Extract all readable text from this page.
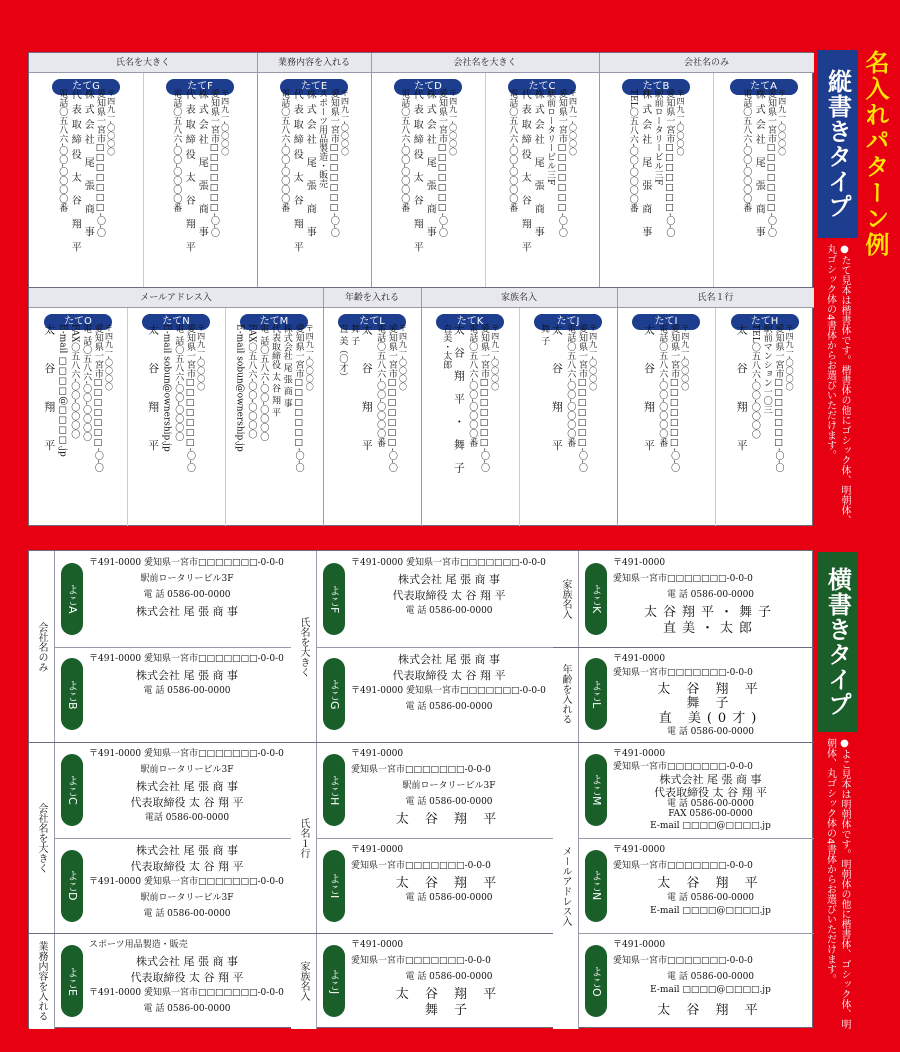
名入れパターン例
縦書きタイプ
●たて見本は楷書体です。楷書体の他にゴシック体、明朝体、丸ゴシック体の4書体からお選びいただけます。
横書きタイプ
●よこ見本は明朝体です。明朝体の他に楷書体、ゴシック体、明朝体、丸ゴシック体の4書体からお選びいただけます。
氏名を大きく	業務内容を入れる	会社名を大きく	会社名のみ
たてG
〒四九一-〇〇〇〇
愛知県一宮市□□□□□□□-〇-〇
株式会社 尾 張 商 事
代表取締役 太 谷 翔 平
電話〇五八六-〇〇-〇〇〇〇番
たてF
〒四九一-〇〇〇〇
愛知県一宮市□□□□□□□-〇-〇
株式会社 尾 張 商 事
代表取締役 太 谷 翔 平
電話〇五八六-〇〇-〇〇〇〇番
たてE
〒四九一-〇〇〇〇
愛知県一宮市□□□□□□□-〇-〇
スポーツ用品製造・販売
株式会社 尾 張 商 事
代表取締役 太 谷 翔 平
電話〇五八六-〇〇-〇〇〇〇番
たてD
〒四九一-〇〇〇〇
愛知県一宮市□□□□□□□-〇-〇
株式会社 尾 張 商 事
代表取締役 太 谷 翔 平
電話〇五八六-〇〇-〇〇〇〇番
たてC
〒四九一-〇〇〇〇
愛知県一宮市□□□□□□□-〇-〇
駅前ロータリービル三F
株式会社 尾 張 商 事
代表取締役 太 谷 翔 平
電話〇五八六-〇〇-〇〇〇〇番
たてB
〒四九一-〇〇〇〇
愛知県一宮市□□□□□□□-〇-〇
駅前ロータリービル三F
株式会社 尾 張 商 事
TEL〇五八六-〇〇-〇〇〇〇番
たてA
〒四九一-〇〇〇〇
愛知県一宮市□□□□□□□-〇-〇
株式会社 尾 張 商 事
電話〇五八六-〇〇-〇〇〇〇番
メールアドレス入	年齢を入れる	家族名入	氏名１行
たてO
〒四九一-〇〇〇〇
愛知県一宮市□□□□□□□-〇-〇
電 話〇五八六-〇〇-〇〇〇〇
FAX〇五八六-〇〇-〇〇〇〇
E-mail □□□□@□□□□.jp
太 谷 翔 平
たてN
〒四九一-〇〇〇〇
愛知県一宮市□□□□□□□-〇-〇
電 話〇五八六-〇〇-〇〇〇〇
E-mail sobun@ownership.jp
太 谷 翔 平
たてM
〒四九一-〇〇〇〇
愛知県一宮市□□□□□□□-〇-〇
株式会社 尾 張 商 事
代表取締役 太 谷 翔 平
電 話〇五八六-〇〇-〇〇〇〇
FAX〇五八六-〇〇-〇〇〇〇
E-mail sobun@ownership.jp
たてL
〒四九一-〇〇〇〇
愛知県一宮市□□□□□□□-〇-〇
電話〇五八六-〇〇-〇〇〇〇番
太 谷 翔 平
舞 子
直 美（〇才）
たてK
〒四九一-〇〇〇〇
愛知県一宮市□□□□□□□-〇-〇
電話〇五八六-〇〇-〇〇〇〇番
太谷翔平・舞子
直美・太郎
たてJ
〒四九一-〇〇〇〇
愛知県一宮市□□□□□□□-〇-〇
電話〇五八六-〇〇-〇〇〇〇番
太 谷 翔 平
舞 子
たてI
〒四九一-〇〇〇〇
愛知県一宮市□□□□□□□-〇-〇
電話〇五八六-〇〇-〇〇〇〇番
太 谷 翔 平
たてH
〒四九一-〇〇〇〇
愛知県一宮市□□□□□□□-〇-〇
駅前マンション一〇三
TEL〇五八六-〇〇-〇〇〇〇
太 谷 翔 平
会社名のみ
よこA
〒491-0000 愛知県一宮市□□□□□□□-0-0-0
駅前ロータリービル3F
電 話 0586-00-0000
株式会社 尾 張 商 事
よこB
〒491-0000 愛知県一宮市□□□□□□□-0-0-0
株式会社 尾 張 商 事
電 話 0586-00-0000
会社名を大きく
よこC
〒491-0000 愛知県一宮市□□□□□□□-0-0-0
駅前ロータリービル3F
株式会社 尾 張 商 事
代表取締役 太 谷 翔 平
電話 0586-00-0000
よこD
株式会社 尾 張 商 事
代表取締役 太 谷 翔 平
〒491-0000 愛知県一宮市□□□□□□□-0-0-0
駅前ロータリービル3F
電 話 0586-00-0000
業務内容を入れる	よこE
スポーツ用品製造・販売
株式会社 尾 張 商 事
代表取締役 太 谷 翔 平
〒491-0000 愛知県一宮市□□□□□□□-0-0-0
電 話 0586-00-0000
氏名を大きく
よこF
〒491-0000 愛知県一宮市□□□□□□□-0-0-0
株式会社 尾 張 商 事
代表取締役 太 谷 翔 平
電 話 0586-00-0000
よこG
株式会社 尾 張 商 事
代表取締役 太 谷 翔 平
〒491-0000 愛知県一宮市□□□□□□□-0-0-0
電 話 0586-00-0000
氏名１行
よこH
〒491-0000
愛知県一宮市□□□□□□□-0-0-0
駅前ロータリービル3F
電 話 0586-00-0000
太 谷 翔 平
よこI
〒491-0000
愛知県一宮市□□□□□□□-0-0-0
太 谷 翔 平
電 話 0586-00-0000
家族名入	よこJ
〒491-0000
愛知県一宮市□□□□□□□-0-0-0
電 話 0586-00-0000
太 谷 翔 平
舞 子
家族名入	よこK
〒491-0000
愛知県一宮市□□□□□□□-0-0-0
電 話 0586-00-0000
太谷翔平・舞子
直美・太郎
年齢を入れる	よこL
〒491-0000
愛知県一宮市□□□□□□□-0-0-0
太 谷 翔 平
舞 子
直 美(0才)
電 話 0586-00-0000
メールアドレス入
よこM
〒491-0000
愛知県一宮市□□□□□□□-0-0-0
株式会社 尾 張 商 事
代表取締役 太 谷 翔 平
電 話 0586-00-0000
FAX 0586-00-0000
E-mail □□□□@□□□□.jp
よこN
〒491-0000
愛知県一宮市□□□□□□□-0-0-0
太 谷 翔 平
電 話 0586-00-0000
E-mail □□□□@□□□□.jp
よこO
〒491-0000
愛知県一宮市□□□□□□□-0-0-0
電 話 0586-00-0000
E-mail □□□□@□□□□.jp
太 谷 翔 平
